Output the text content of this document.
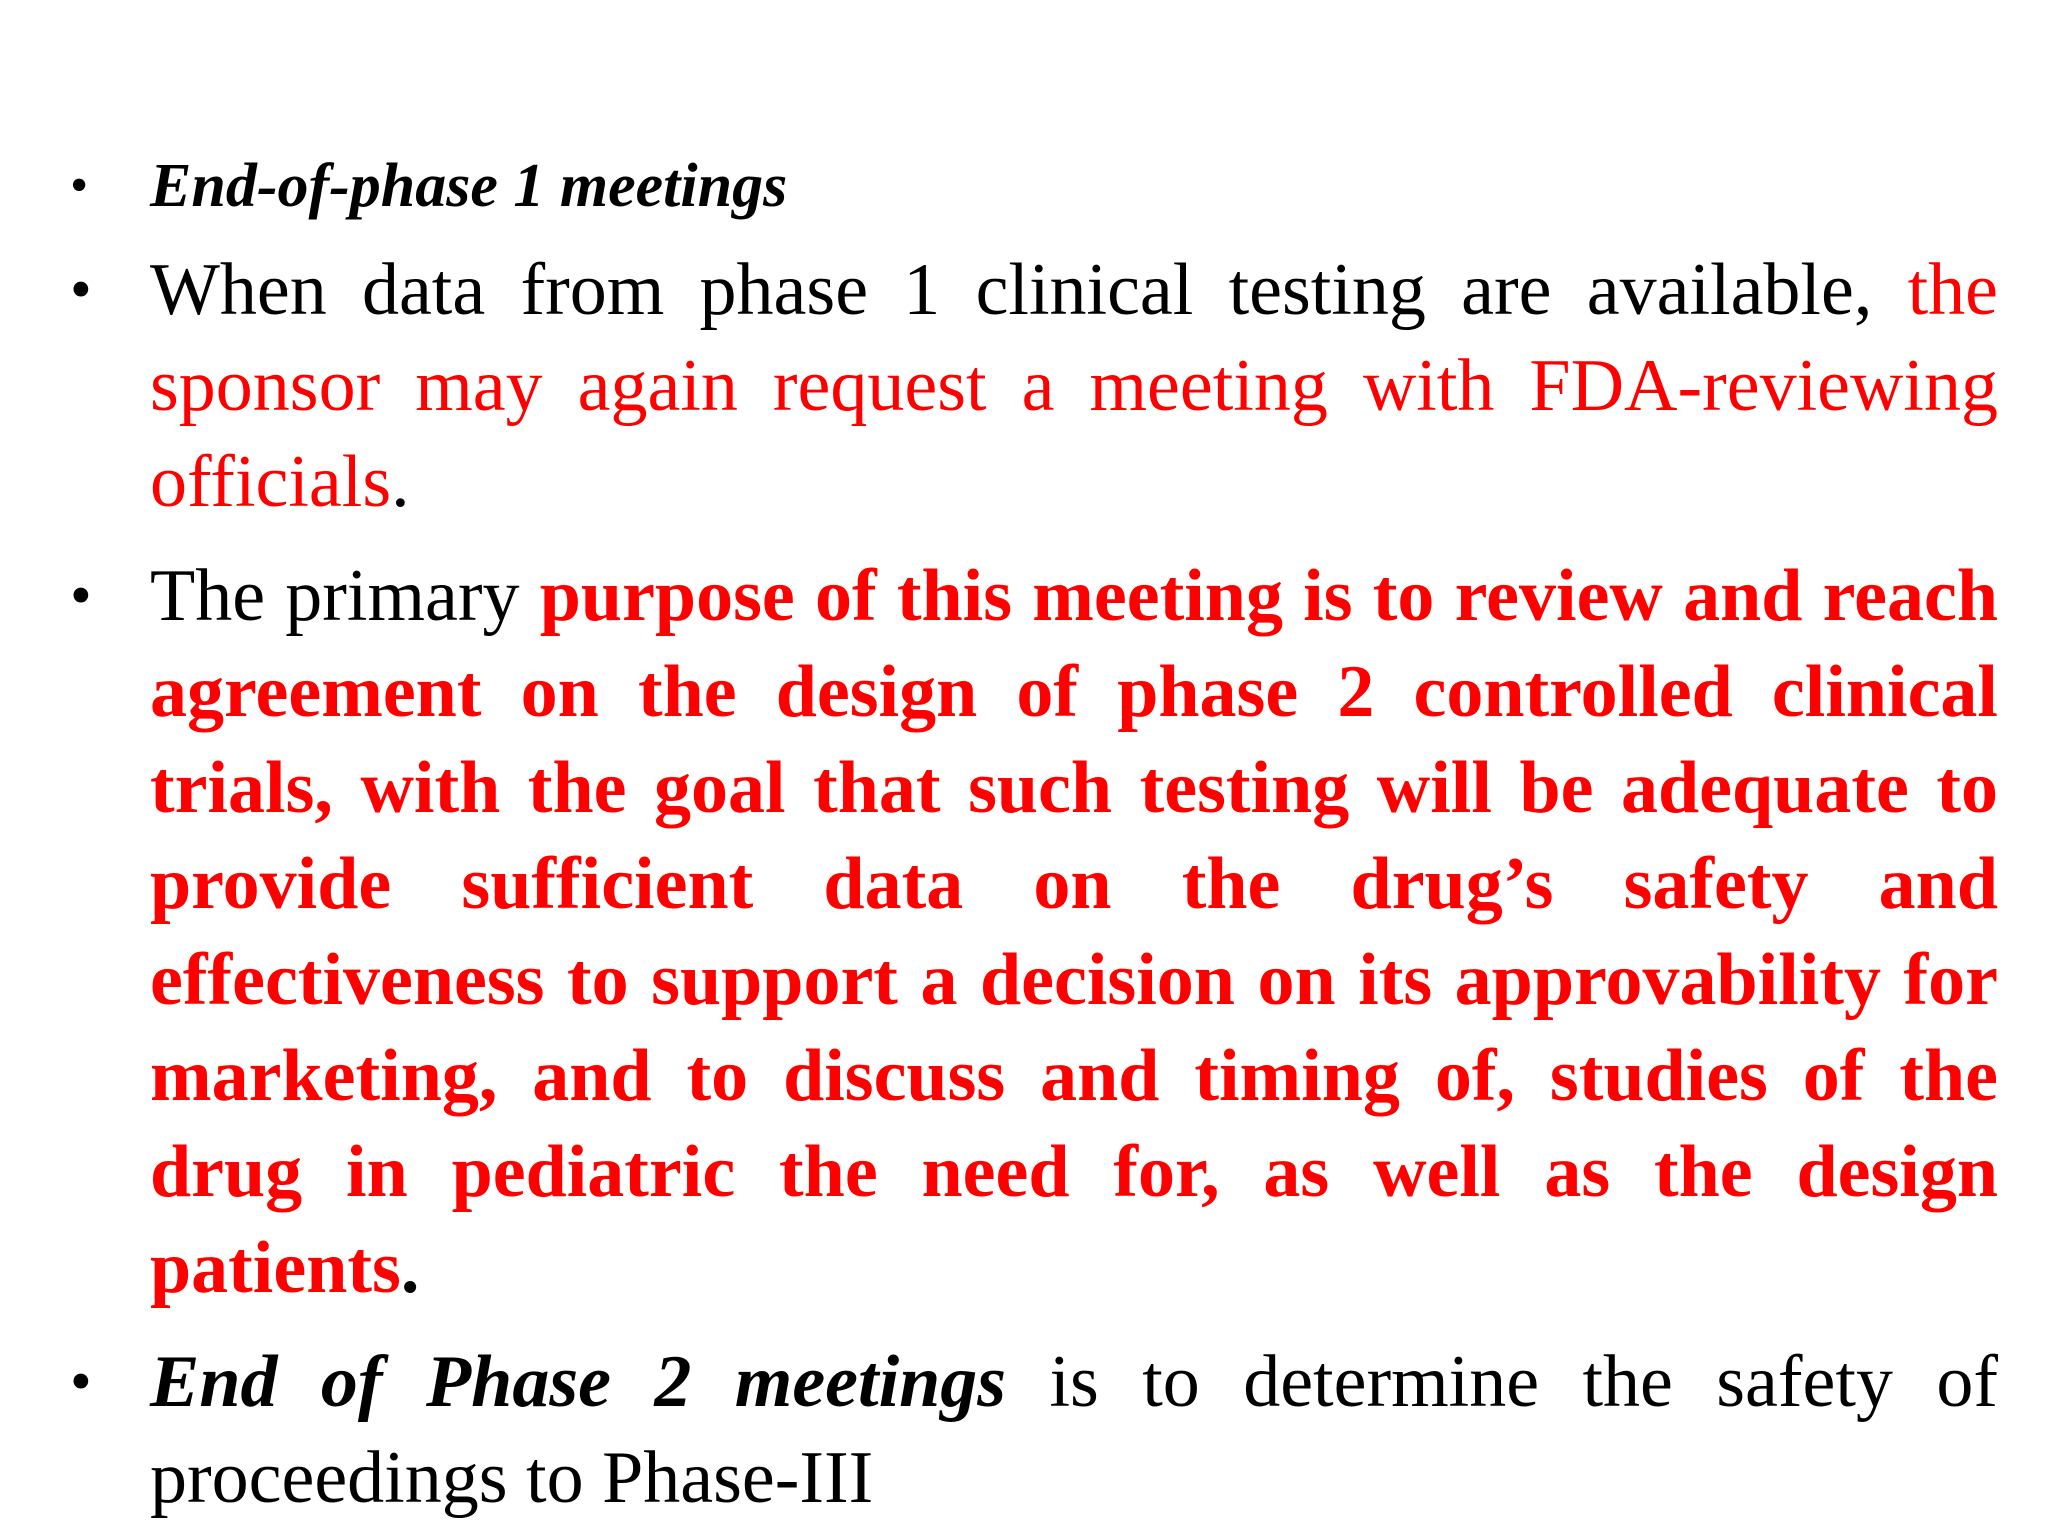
• End-of-phase 1 meetings
• When data from phase 1 clinical testing are available, the sponsor may again request a meeting with FDA-reviewing officials.
• The primary purpose of this meeting is to review and reach agreement on the design of phase 2 controlled clinical trials, with the goal that such testing will be adequate to provide sufficient data on the drug’s safety and effectiveness to support a decision on its approvability for marketing, and to discuss and timing of, studies of the drug in pediatric the need for, as well as the design patients.
• End of Phase 2 meetings is to determine the safety of proceedings to Phase-III
